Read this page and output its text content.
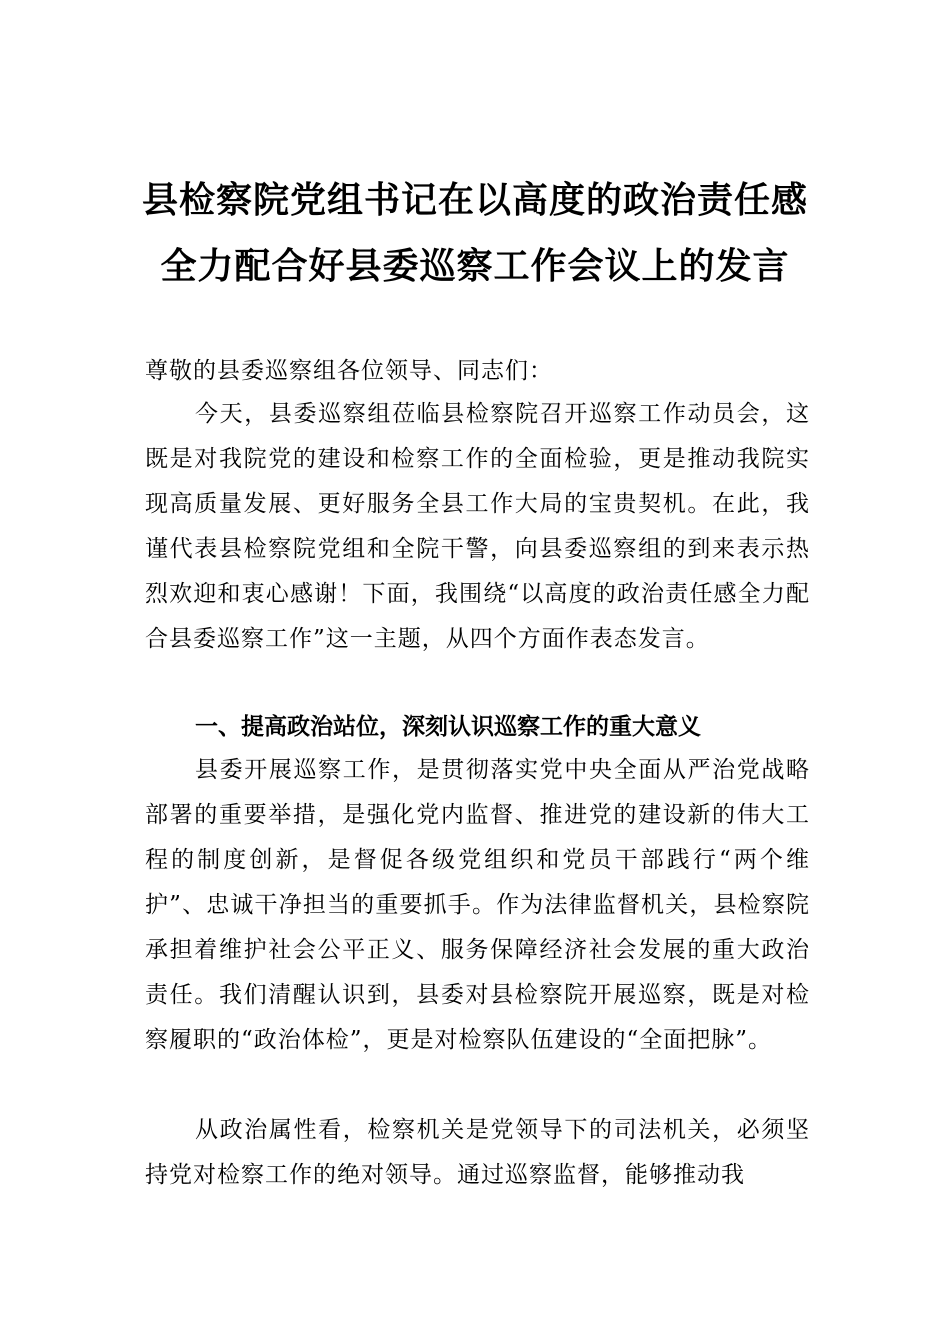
县检察院党组书记在以高度的政治责任感
全力配合好县委巡察工作会议上的发言

尊敬的县委巡察组各位领导、同志们：

今天，县委巡察组莅临县检察院召开巡察工作动员会，这既是对我院党的建设和检察工作的全面检验，更是推动我院实现高质量发展、更好服务全县工作大局的宝贵契机。在此，我谨代表县检察院党组和全院干警，向县委巡察组的到来表示热烈欢迎和衷心感谢！下面，我围绕“以高度的政治责任感全力配合县委巡察工作”这一主题，从四个方面作表态发言。

一、提高政治站位，深刻认识巡察工作的重大意义

县委开展巡察工作，是贯彻落实党中央全面从严治党战略部署的重要举措，是强化党内监督、推进党的建设新的伟大工程的制度创新，是督促各级党组织和党员干部践行“两个维护”、忠诚干净担当的重要抓手。作为法律监督机关，县检察院承担着维护社会公平正义、服务保障经济社会发展的重大政治责任。我们清醒认识到，县委对县检察院开展巡察，既是对检察履职的“政治体检”，更是对检察队伍建设的“全面把脉”。

从政治属性看，检察机关是党领导下的司法机关，必须坚持党对检察工作的绝对领导。通过巡察监督，能够推动我
